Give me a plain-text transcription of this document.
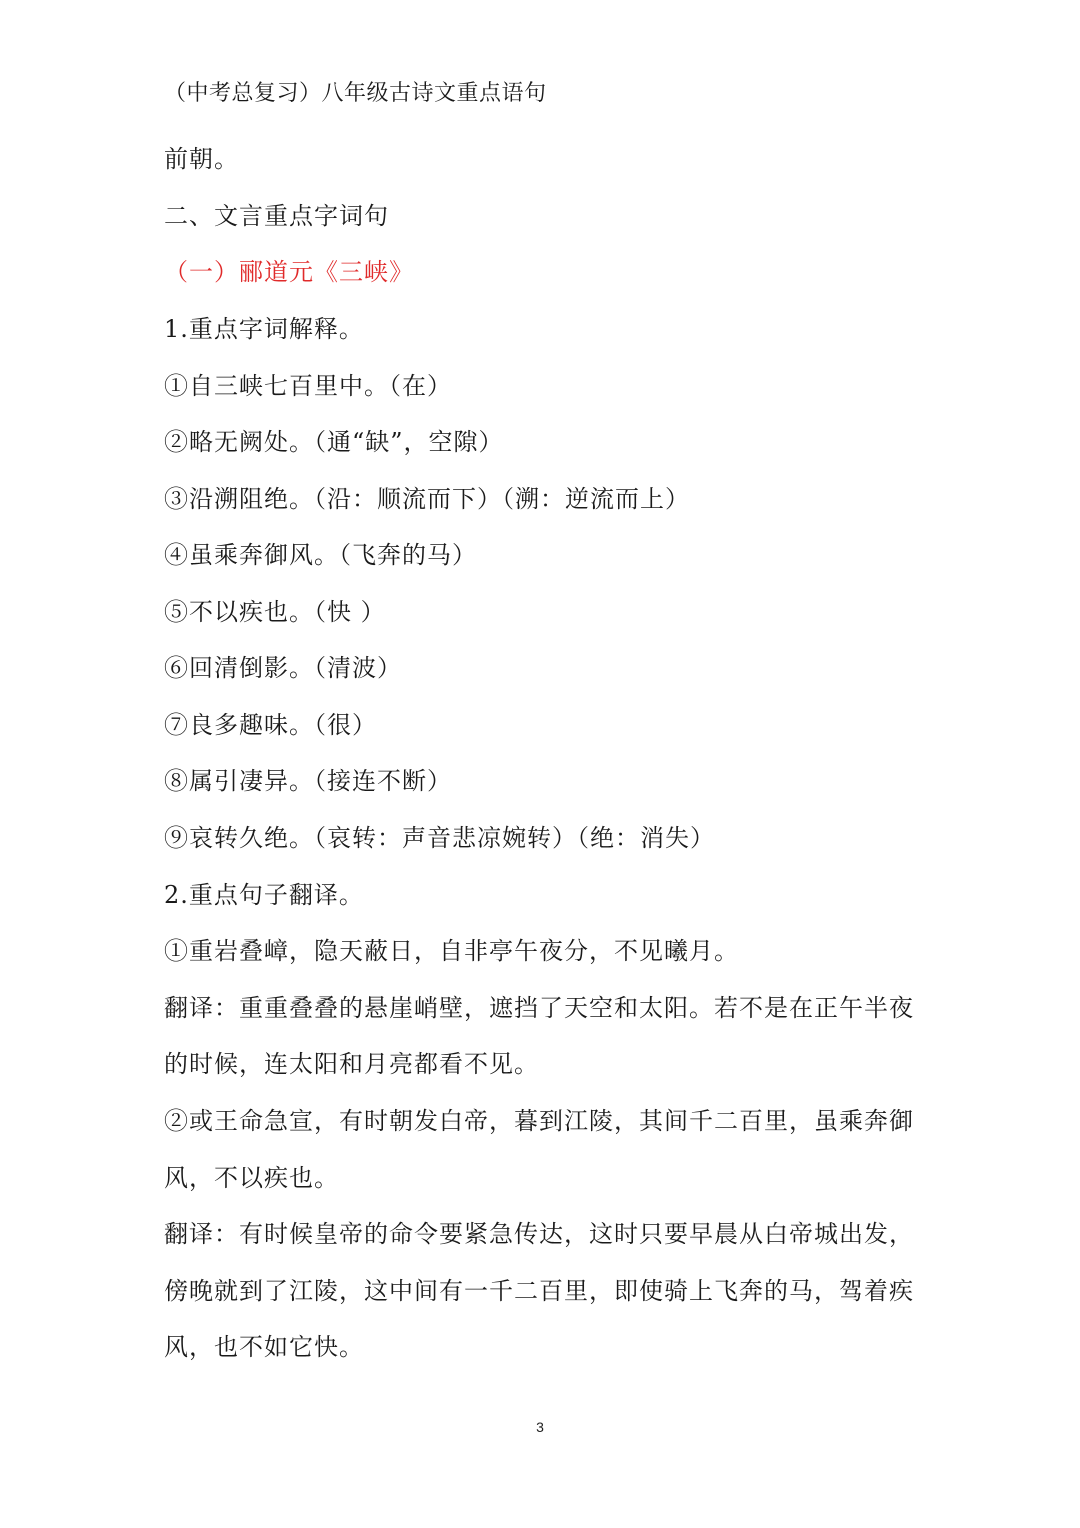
（中考总复习）八年级古诗文重点语句
前朝。
二、文言重点字词句
（一）郦道元《三峡》
1.重点字词解释。
①自三峡七百里中。（在）
②略无阙处。（通“缺”，空隙）
③沿溯阻绝。（沿：顺流而下）（溯：逆流而上）
④虽乘奔御风。（飞奔的马）
⑤不以疾也。（快 ）
⑥回清倒影。（清波）
⑦良多趣味。（很）
⑧属引凄异。（接连不断）
⑨哀转久绝。（哀转：声音悲凉婉转）（绝：消失）
2.重点句子翻译。
①重岩叠嶂，隐天蔽日，自非亭午夜分，不见曦月。
翻译：重重叠叠的悬崖峭壁，遮挡了天空和太阳。若不是在正午半夜
的时候，连太阳和月亮都看不见。
②或王命急宣，有时朝发白帝，暮到江陵，其间千二百里，虽乘奔御
风，不以疾也。
翻译：有时候皇帝的命令要紧急传达，这时只要早晨从白帝城出发，
傍晚就到了江陵，这中间有一千二百里，即使骑上飞奔的马，驾着疾
风，也不如它快。
3
